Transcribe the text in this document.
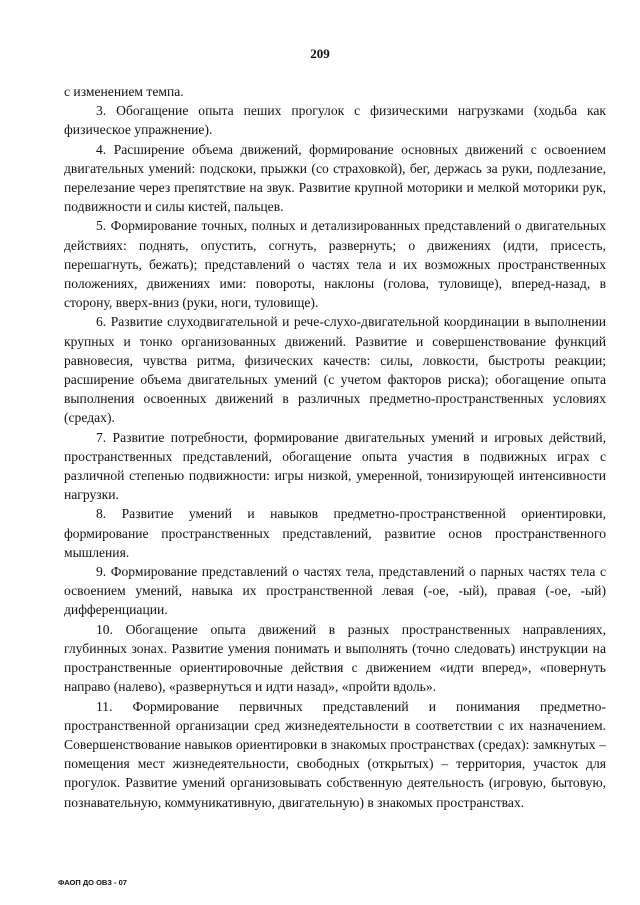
209

с изменением темпа.

3. Обогащение опыта пеших прогулок с физическими нагрузками (ходьба как физическое упражнение).

4. Расширение объема движений, формирование основных движений с освоением двигательных умений: подскоки, прыжки (со страховкой), бег, держась за руки, подлезание, перелезание через препятствие на звук. Развитие крупной моторики и мелкой моторики рук, подвижности и силы кистей, пальцев.

5. Формирование точных, полных и детализированных представлений о двигательных действиях: поднять, опустить, согнуть, развернуть; о движениях (идти, присесть, перешагнуть, бежать); представлений о частях тела и их возможных пространственных положениях, движениях ими: повороты, наклоны (голова, туловище), вперед-назад, в сторону, вверх-вниз (руки, ноги, туловище).

6. Развитие слуходвигательной и рече-слухо-двигательной координации в выполнении крупных и тонко организованных движений. Развитие и совершенствование функций равновесия, чувства ритма, физических качеств: силы, ловкости, быстроты реакции; расширение объема двигательных умений (с учетом факторов риска); обогащение опыта выполнения освоенных движений в различных предметно-пространственных условиях (средах).

7. Развитие потребности, формирование двигательных умений и игровых действий, пространственных представлений, обогащение опыта участия в подвижных играх с различной степенью подвижности: игры низкой, умеренной, тонизирующей интенсивности нагрузки.

8. Развитие умений и навыков предметно-пространственной ориентировки, формирование пространственных представлений, развитие основ пространственного мышления.

9. Формирование представлений о частях тела, представлений о парных частях тела с освоением умений, навыка их пространственной левая (-ое, -ый), правая (-ое, -ый) дифференциации.

10. Обогащение опыта движений в разных пространственных направлениях, глубинных зонах. Развитие умения понимать и выполнять (точно следовать) инструкции на пространственные ориентировочные действия с движением «идти вперед», «повернуть направо (налево), «развернуться и идти назад», «пройти вдоль».

11. Формирование первичных представлений и понимания предметно-пространственной организации сред жизнедеятельности в соответствии с их назначением. Совершенствование навыков ориентировки в знакомых пространствах (средах): замкнутых – помещения мест жизнедеятельности, свободных (открытых) – территория, участок для прогулок. Развитие умений организовывать собственную деятельность (игровую, бытовую, познавательную, коммуникативную, двигательную) в знакомых пространствах.

ФАОП ДО ОВЗ - 07
